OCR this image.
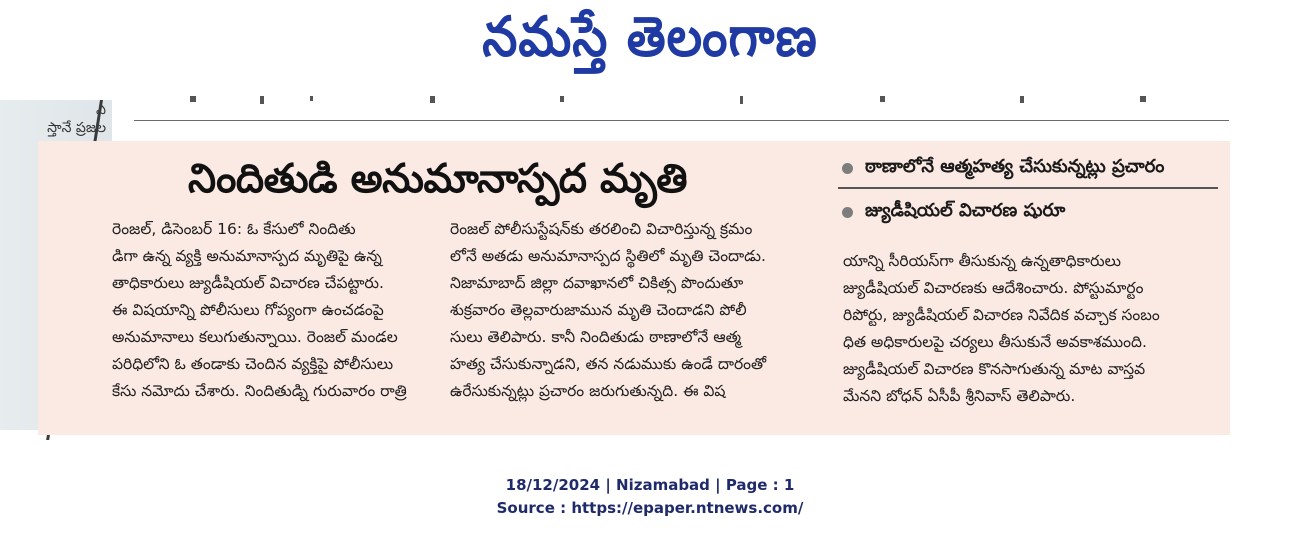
నమస్తే తెలంగాణ
ఎ
స్తానే ప్రజల
నిందితుడి అనుమానాస్పద మృతి	ఠాణాలోనే ఆత్మహత్య చేసుకున్నట్లు ప్రచారం
జ్యుడీషియల్ విచారణ షురూ
రెంజల్, డిసెంబర్ 16: ఓ కేసులో నిందితు
డిగా ఉన్న వ్యక్తి అనుమానాస్పద మృతిపై ఉన్న
తాధికారులు జ్యుడీషియల్ విచారణ చేపట్టారు.
ఈ విషయాన్ని పోలీసులు గోప్యంగా ఉంచడంపై
అనుమానాలు కలుగుతున్నాయి. రెంజల్ మండల
పరిధిలోని ఓ తండాకు చెందిన వ్యక్తిపై పోలీసులు
కేసు నమోదు చేశారు. నిందితుడ్ని గురువారం రాత్రి
రెంజల్ పోలీసుస్టేషన్‌కు తరలించి విచారిస్తున్న క్రమం
లోనే అతడు అనుమానాస్పద స్థితిలో మృతి చెందాడు.
నిజామాబాద్ జిల్లా దవాఖానలో చికిత్స పొందుతూ
శుక్రవారం తెల్లవారుజామున మృతి చెందాడని పోలీ
సులు తెలిపారు. కానీ నిందితుడు ఠాణాలోనే ఆత్మ
హత్య చేసుకున్నాడని, తన నడుముకు ఉండే దారంతో
ఉరేసుకున్నట్లు ప్రచారం జరుగుతున్నది. ఈ విష
యాన్ని సీరియస్‌గా తీసుకున్న ఉన్నతాధికారులు
జ్యుడీషియల్ విచారణకు ఆదేశించారు. పోస్టుమార్టం
రిపోర్టు, జ్యుడీషియల్ విచారణ నివేదిక వచ్చాక సంబం
ధిత అధికారులపై చర్యలు తీసుకునే అవకాశముంది.
జ్యుడీషియల్ విచారణ కొనసాగుతున్న మాట వాస్తవ
మేనని బోధన్ ఏసీపీ శ్రీనివాస్ తెలిపారు.
18/12/2024 | Nizamabad | Page : 1
Source : https://epaper.ntnews.com/
